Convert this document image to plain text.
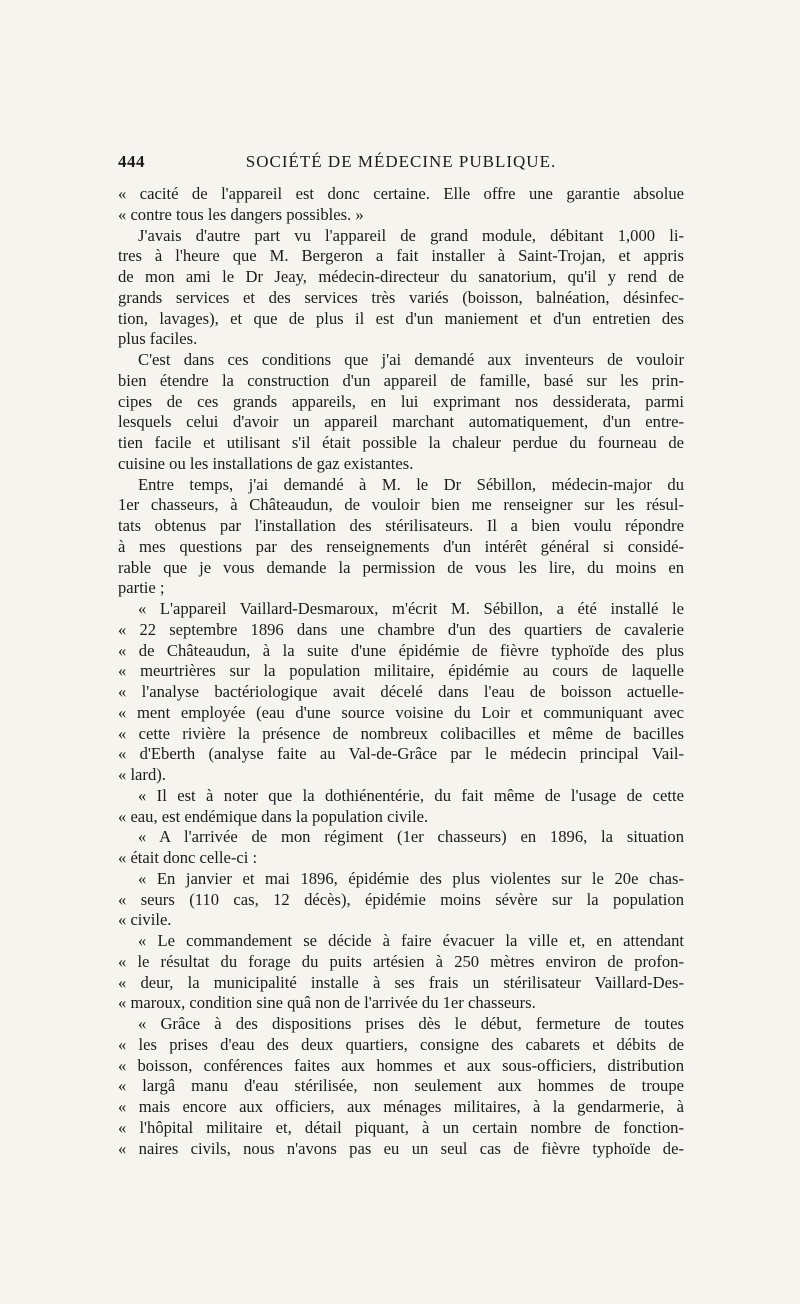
444	SOCIÉTÉ DE MÉDECINE PUBLIQUE.
« cacité de l'appareil est donc certaine. Elle offre une garantie absolue
« contre tous les dangers possibles. »
J'avais d'autre part vu l'appareil de grand module, débitant 1,000 li-
tres à l'heure que M. Bergeron a fait installer à Saint-Trojan, et appris
de mon ami le Dr Jeay, médecin-directeur du sanatorium, qu'il y rend de
grands services et des services très variés (boisson, balnéation, désinfec-
tion, lavages), et que de plus il est d'un maniement et d'un entretien des
plus faciles.
C'est dans ces conditions que j'ai demandé aux inventeurs de vouloir
bien étendre la construction d'un appareil de famille, basé sur les prin-
cipes de ces grands appareils, en lui exprimant nos dessiderata, parmi
lesquels celui d'avoir un appareil marchant automatiquement, d'un entre-
tien facile et utilisant s'il était possible la chaleur perdue du fourneau de
cuisine ou les installations de gaz existantes.
Entre temps, j'ai demandé à M. le Dr Sébillon, médecin-major du
1er chasseurs, à Châteaudun, de vouloir bien me renseigner sur les résul-
tats obtenus par l'installation des stérilisateurs. Il a bien voulu répondre
à mes questions par des renseignements d'un intérêt général si considé-
rable que je vous demande la permission de vous les lire, du moins en
partie ;
« L'appareil Vaillard-Desmaroux, m'écrit M. Sébillon, a été installé le
« 22 septembre 1896 dans une chambre d'un des quartiers de cavalerie
« de Châteaudun, à la suite d'une épidémie de fièvre typhoïde des plus
« meurtrières sur la population militaire, épidémie au cours de laquelle
« l'analyse bactériologique avait décelé dans l'eau de boisson actuelle-
« ment employée (eau d'une source voisine du Loir et communiquant avec
« cette rivière la présence de nombreux colibacilles et même de bacilles
« d'Eberth (analyse faite au Val-de-Grâce par le médecin principal Vail-
« lard).
« Il est à noter que la dothiénentérie, du fait même de l'usage de cette
« eau, est endémique dans la population civile.
« A l'arrivée de mon régiment (1er chasseurs) en 1896, la situation
« était donc celle-ci :
« En janvier et mai 1896, épidémie des plus violentes sur le 20e chas-
« seurs (110 cas, 12 décès), épidémie moins sévère sur la population
« civile.
« Le commandement se décide à faire évacuer la ville et, en attendant
« le résultat du forage du puits artésien à 250 mètres environ de profon-
« deur, la municipalité installe à ses frais un stérilisateur Vaillard-Des-
« maroux, condition sine quâ non de l'arrivée du 1er chasseurs.
« Grâce à des dispositions prises dès le début, fermeture de toutes
« les prises d'eau des deux quartiers, consigne des cabarets et débits de
« boisson, conférences faites aux hommes et aux sous-officiers, distribution
« largâ manu d'eau stérilisée, non seulement aux hommes de troupe
« mais encore aux officiers, aux ménages militaires, à la gendarmerie, à
« l'hôpital militaire et, détail piquant, à un certain nombre de fonction-
« naires civils, nous n'avons pas eu un seul cas de fièvre typhoïde de-
